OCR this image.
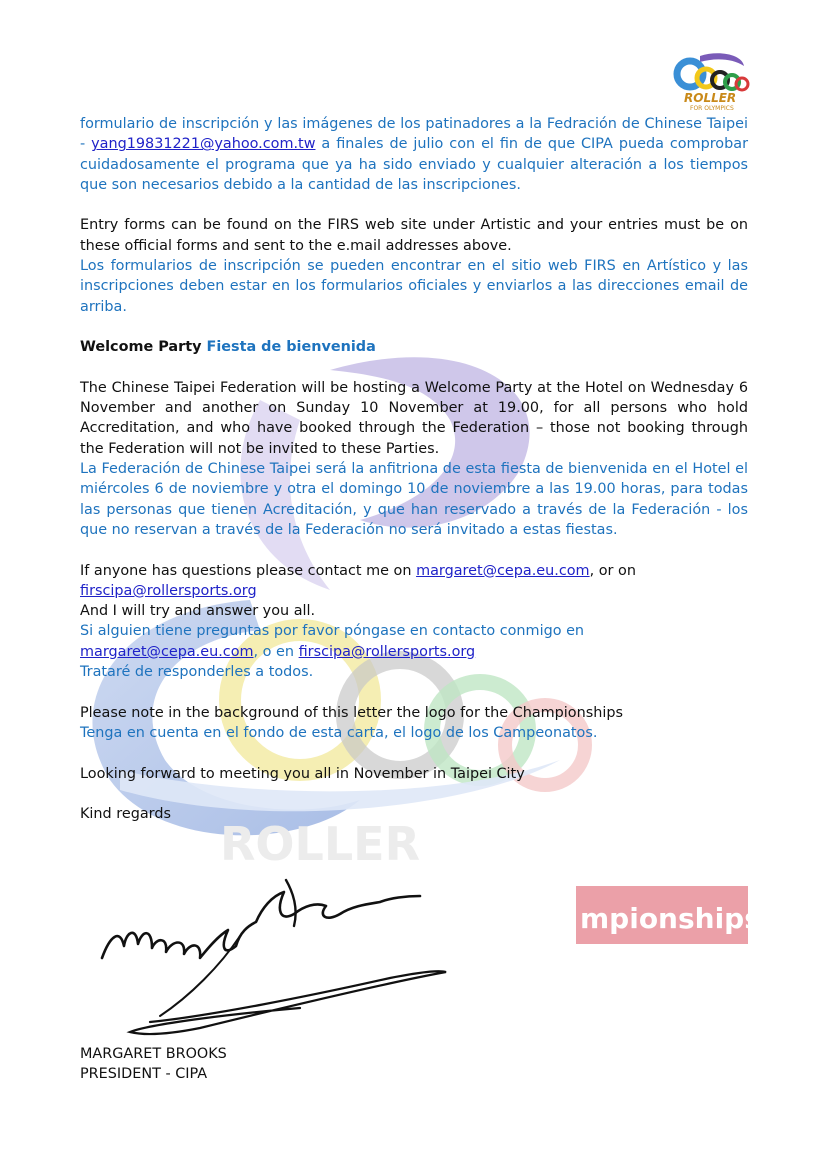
ROLLER
mpionships
ROLLER
FOR OLYMPICS

formulario de inscripción y las imágenes de los patinadores a la Fedración de Chinese Taipei - yang19831221@yahoo.com.tw a finales de julio con el fin de que CIPA pueda comprobar cuidadosamente el programa que ya ha sido enviado y cualquier alteración a los tiempos que son necesarios debido a la cantidad de las inscripciones.

Entry forms can be found on the FIRS web site under Artistic and your entries must be on these official forms and sent to the e.mail addresses above.

Los formularios de inscripción se pueden encontrar en el sitio web FIRS en Artístico y las inscripciones deben estar en los formularios oficiales y enviarlos a las direcciones email de arriba.

Welcome Party Fiesta de bienvenida

The Chinese Taipei Federation will be hosting a Welcome Party at the Hotel on Wednesday 6 November and another on Sunday 10 November at 19.00, for all persons who hold Accreditation, and who have booked through the Federation – those not booking through the Federation will not be invited to these Parties.

La Federación de Chinese Taipei será la anfitriona de esta fiesta de bienvenida en el Hotel el miércoles 6 de noviembre y otra el domingo 10 de noviembre a las 19.00 horas, para todas las personas que tienen Acreditación, y que han reservado a través de la Federación - los que no reservan a través de la Federación no será invitado a estas fiestas.

If anyone has questions please contact me on margaret@cepa.eu.com, or on

firscipa@rollersports.org

And I will try and answer you all.

Si alguien tiene preguntas por favor póngase en contacto conmigo en

margaret@cepa.eu.com, o en firscipa@rollersports.org

Trataré de responderles a todos.

Please note in the background of this letter the logo for the Championships

Tenga en cuenta en el fondo de esta carta, el logo de los Campeonatos.

Looking forward to meeting you all in November in Taipei City

Kind regards

MARGARET BROOKS
PRESIDENT - CIPA
